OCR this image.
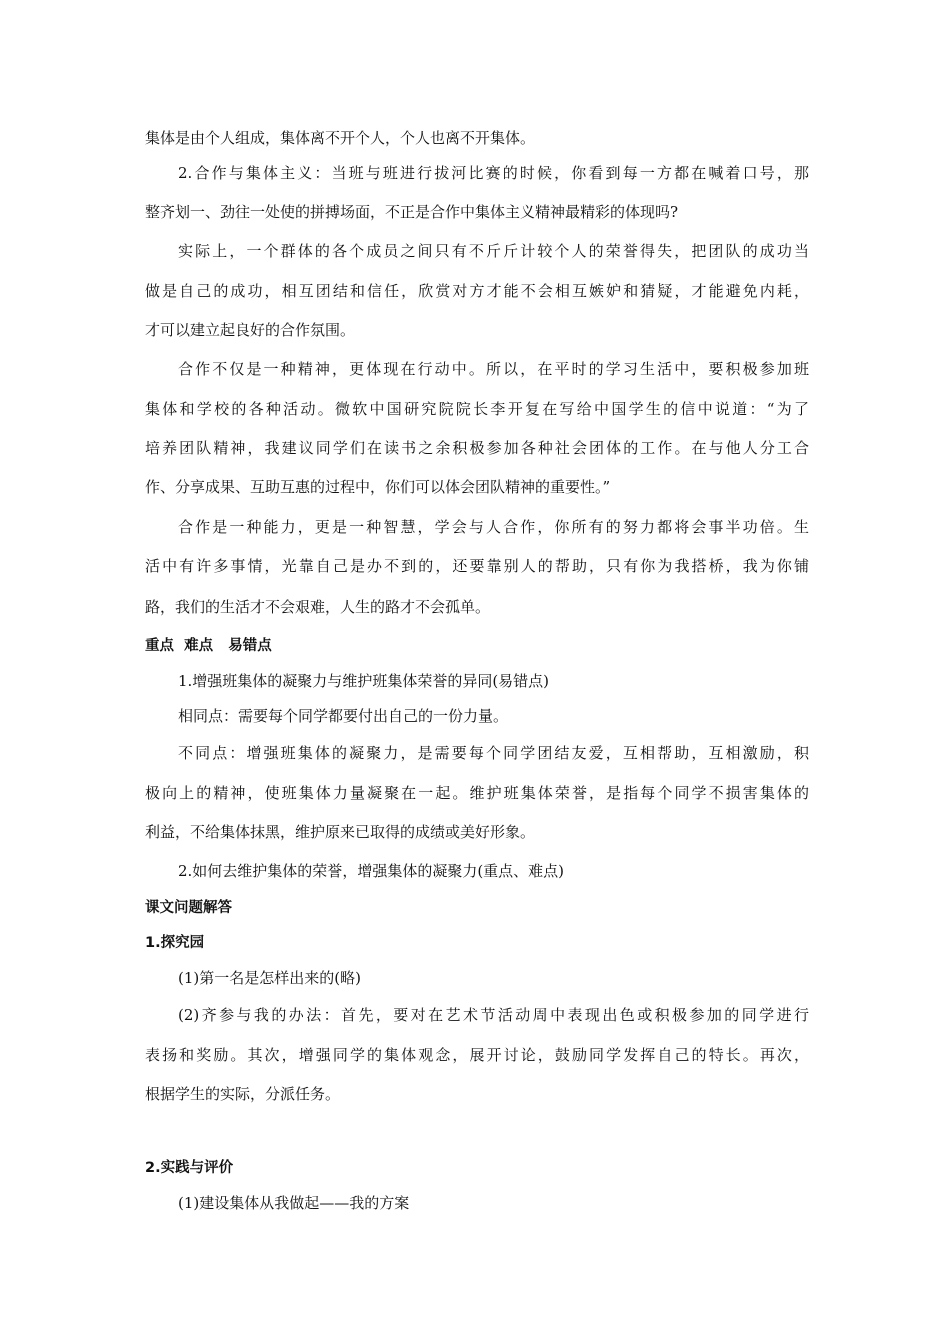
集体是由个人组成，集体离不开个人，个人也离不开集体。
2.合作与集体主义：当班与班进行拔河比赛的时候，你看到每一方都在喊着口号，那
整齐划一、劲往一处使的拼搏场面，不正是合作中集体主义精神最精彩的体现吗?
实际上，一个群体的各个成员之间只有不斤斤计较个人的荣誉得失，把团队的成功当
做是自己的成功，相互团结和信任，欣赏对方才能不会相互嫉妒和猜疑，才能避免内耗，
才可以建立起良好的合作氛围。
合作不仅是一种精神，更体现在行动中。所以，在平时的学习生活中，要积极参加班
集体和学校的各种活动。微软中国研究院院长李开复在写给中国学生的信中说道：“为了
培养团队精神，我建议同学们在读书之余积极参加各种社会团体的工作。在与他人分工合
作、分享成果、互助互惠的过程中，你们可以体会团队精神的重要性。”
合作是一种能力，更是一种智慧，学会与人合作，你所有的努力都将会事半功倍。生
活中有许多事情，光靠自己是办不到的，还要靠别人的帮助，只有你为我搭桥，我为你铺
路，我们的生活才不会艰难，人生的路才不会孤单。
重点  难点   易错点
1.增强班集体的凝聚力与维护班集体荣誉的异同(易错点)
相同点：需要每个同学都要付出自己的一份力量。
不同点：增强班集体的凝聚力，是需要每个同学团结友爱，互相帮助，互相激励，积
极向上的精神，使班集体力量凝聚在一起。维护班集体荣誉，是指每个同学不损害集体的
利益，不给集体抹黑，维护原来已取得的成绩或美好形象。
2.如何去维护集体的荣誉，增强集体的凝聚力(重点、难点)
课文问题解答
1.探究园
(1)第一名是怎样出来的(略)
(2)齐参与我的办法：首先，要对在艺术节活动周中表现出色或积极参加的同学进行
表扬和奖励。其次，增强同学的集体观念，展开讨论，鼓励同学发挥自己的特长。再次，
根据学生的实际，分派任务。
2.实践与评价
(1)建设集体从我做起——我的方案
